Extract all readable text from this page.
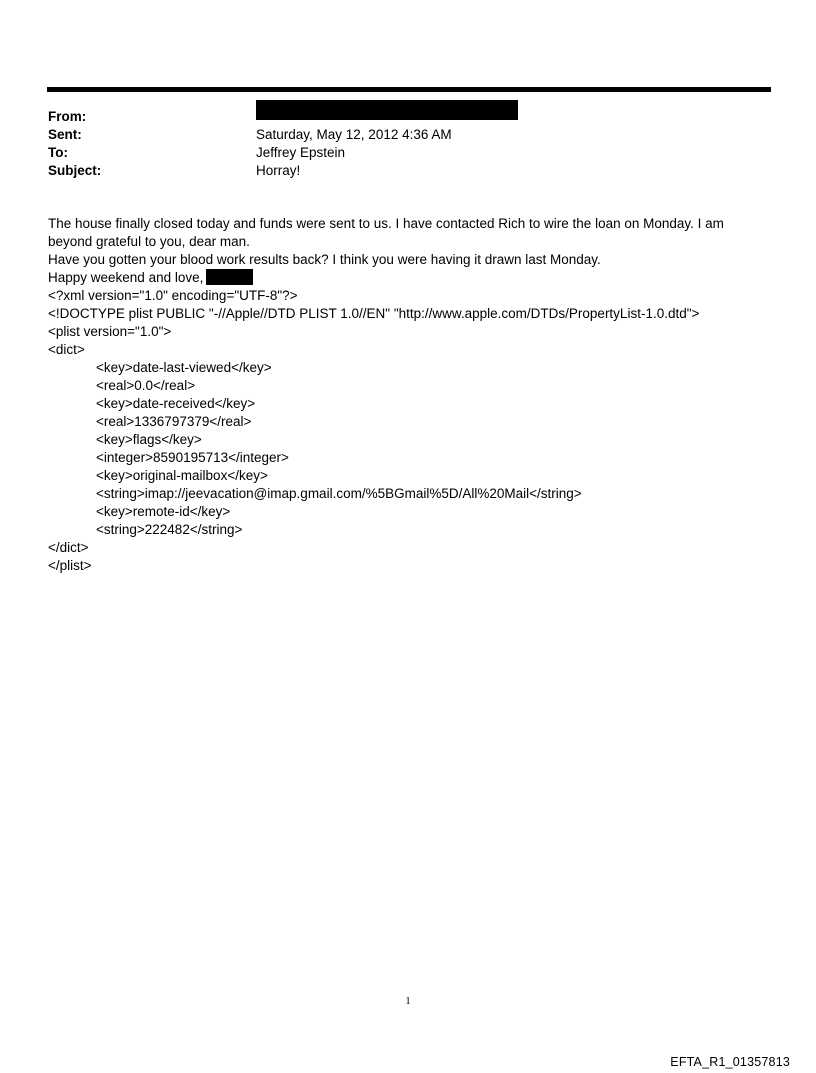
From:
Sent:	Saturday, May 12, 2012 4:36 AM
To:	Jeffrey Epstein
Subject:	Horray!

The house finally closed today and funds were sent to us. I have contacted Rich to wire the loan on Monday. I am

beyond grateful to you, dear man.

Have you gotten your blood work results back? I think you were having it drawn last Monday.

Happy weekend and love,

<?xml version="1.0" encoding="UTF-8"?>
<!DOCTYPE plist PUBLIC "-//Apple//DTD PLIST 1.0//EN" "http://www.apple.com/DTDs/PropertyList-1.0.dtd">
<plist version="1.0">
<dict>
<key>date-last-viewed</key>
<real>0.0</real>
<key>date-received</key>
<real>1336797379</real>
<key>flags</key>
<integer>8590195713</integer>
<key>original-mailbox</key>
<string>imap://jeevacation@imap.gmail.com/%5BGmail%5D/All%20Mail</string>
<key>remote-id</key>
<string>222482</string>
</dict>
</plist>
1
EFTA_R1_01357813
